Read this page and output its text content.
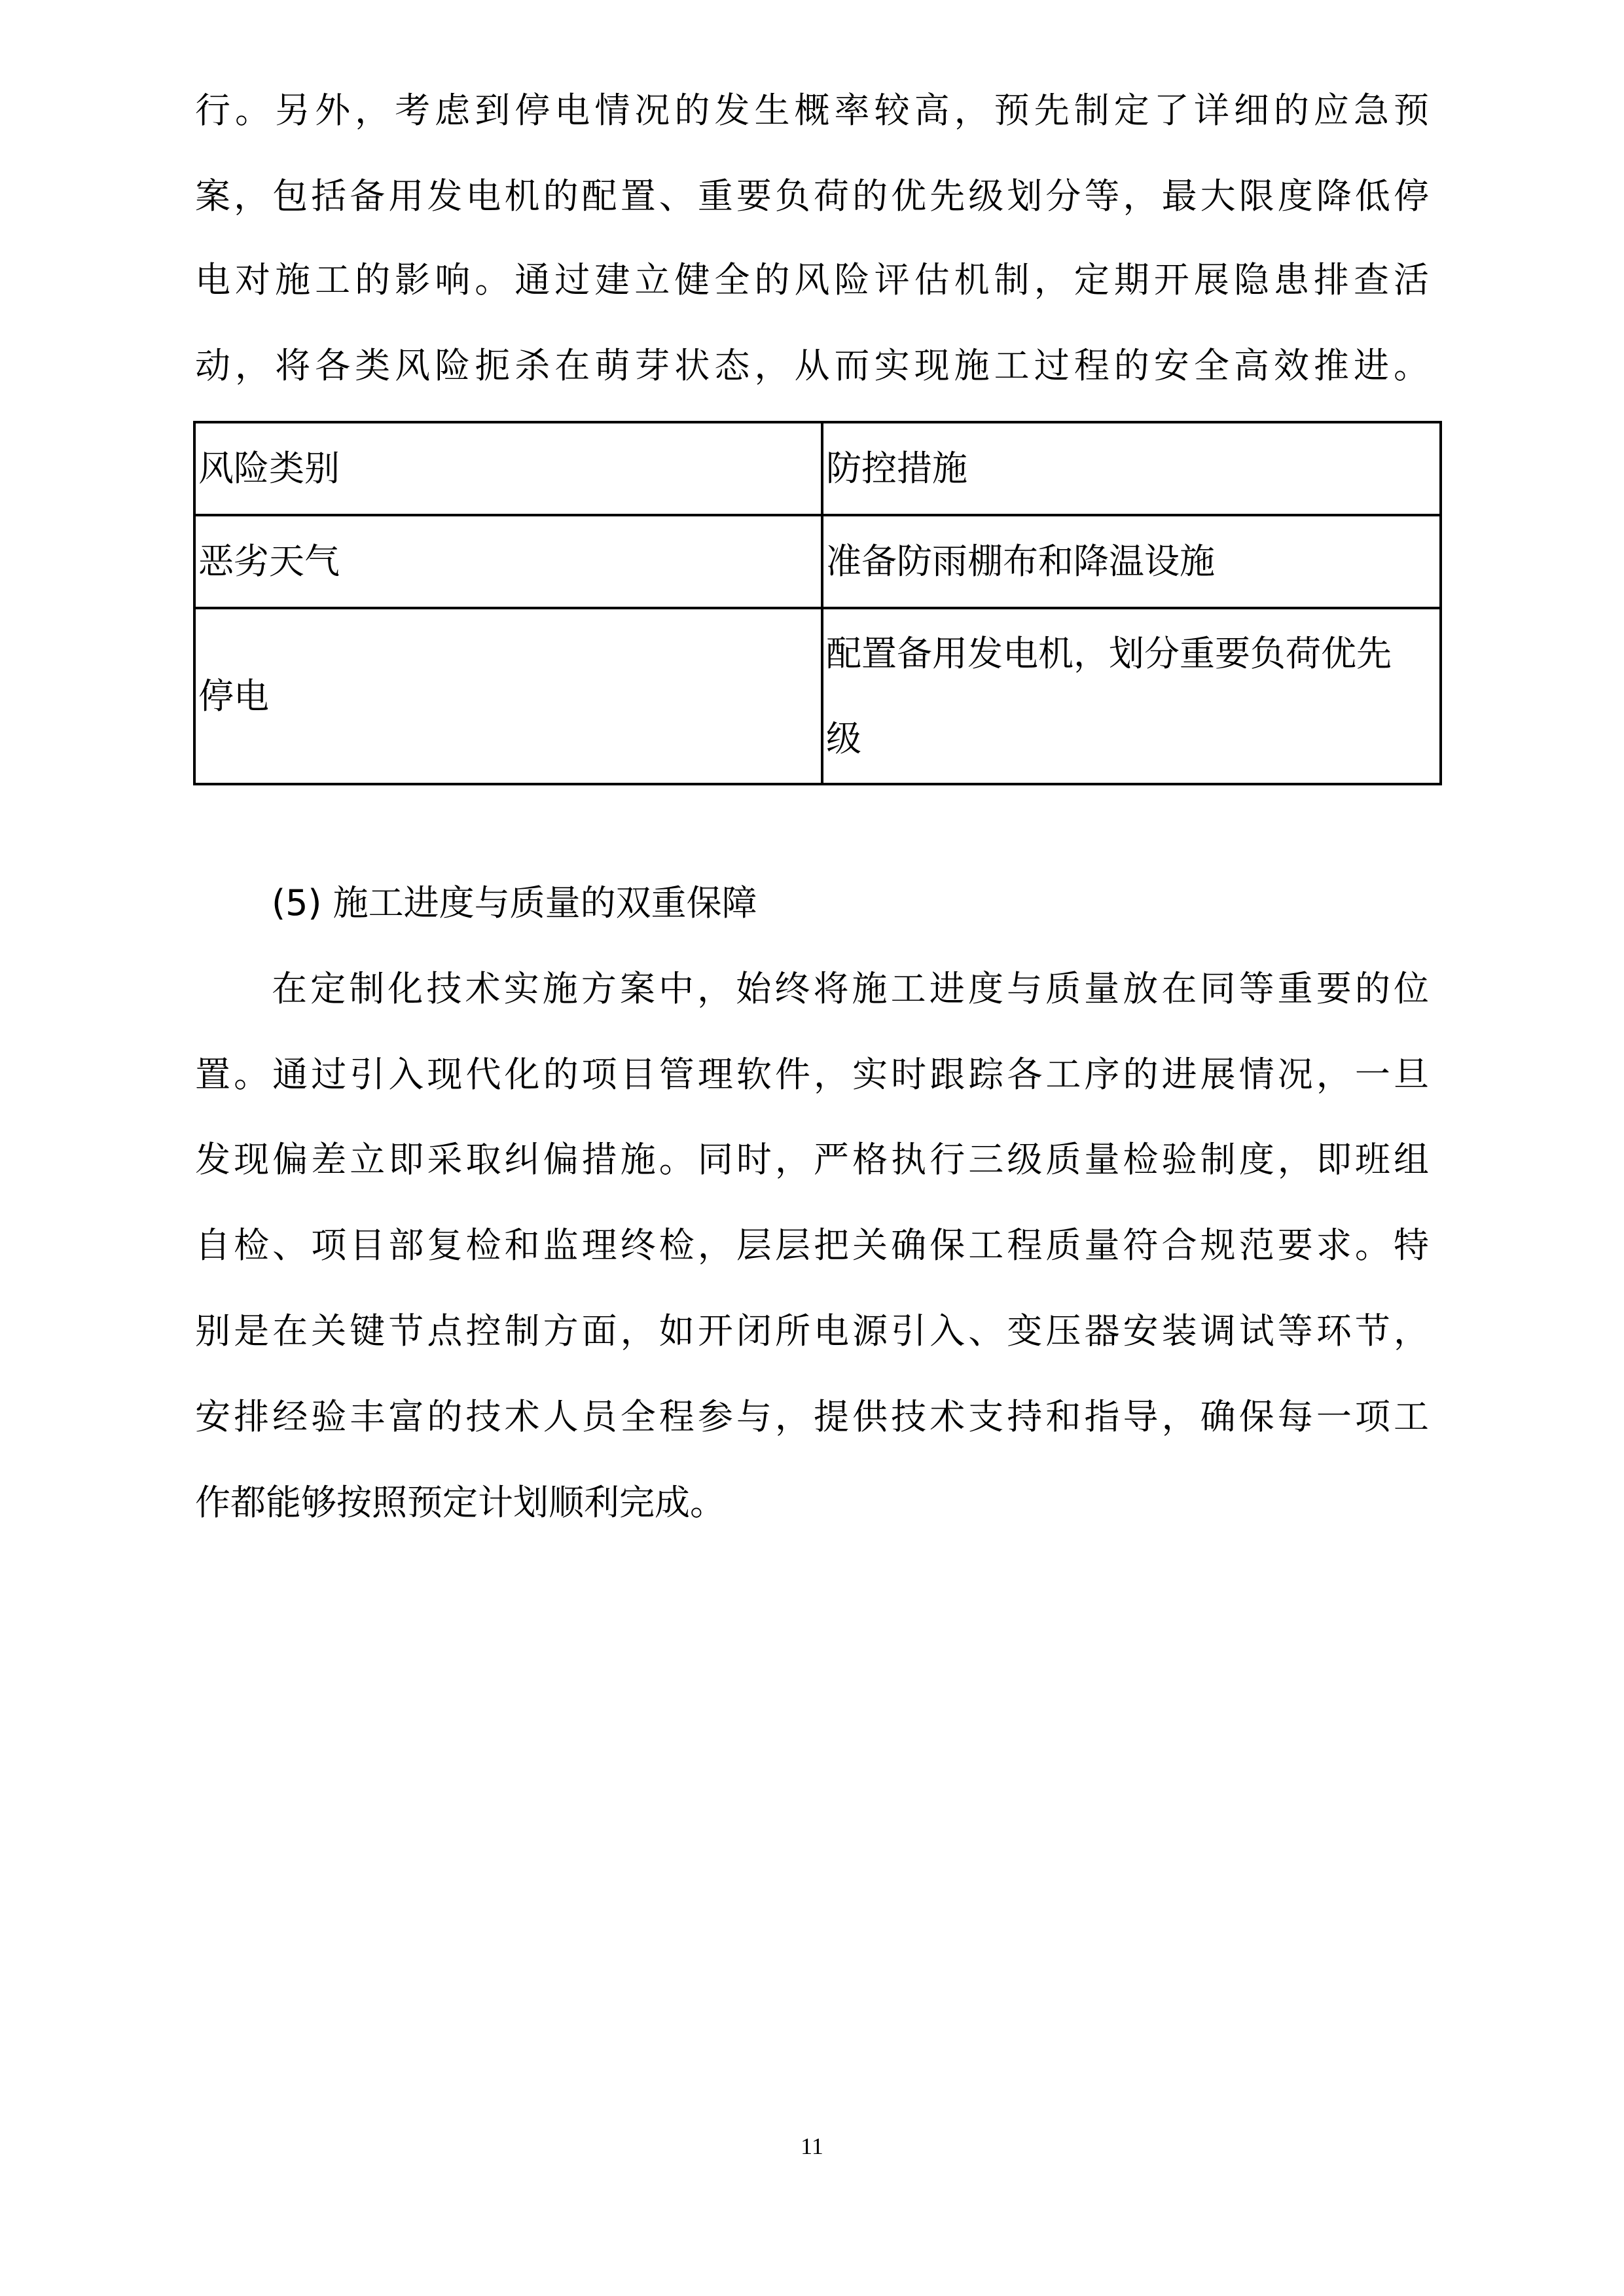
行。另外，考虑到停电情况的发生概率较高，预先制定了详细的应急预
案，包括备用发电机的配置、重要负荷的优先级划分等，最大限度降低停
电对施工的影响。通过建立健全的风险评估机制，定期开展隐患排查活
动，将各类风险扼杀在萌芽状态，从而实现施工过程的安全高效推进。
风险类别	防控措施
恶劣天气	准备防雨棚布和降温设施
停电	配置备用发电机，划分重要负荷优先
级
(5) 施工进度与质量的双重保障
在定制化技术实施方案中，始终将施工进度与质量放在同等重要的位
置。通过引入现代化的项目管理软件，实时跟踪各工序的进展情况，一旦
发现偏差立即采取纠偏措施。同时，严格执行三级质量检验制度，即班组
自检、项目部复检和监理终检，层层把关确保工程质量符合规范要求。特
别是在关键节点控制方面，如开闭所电源引入、变压器安装调试等环节，
安排经验丰富的技术人员全程参与，提供技术支持和指导，确保每一项工
作都能够按照预定计划顺利完成。
11
